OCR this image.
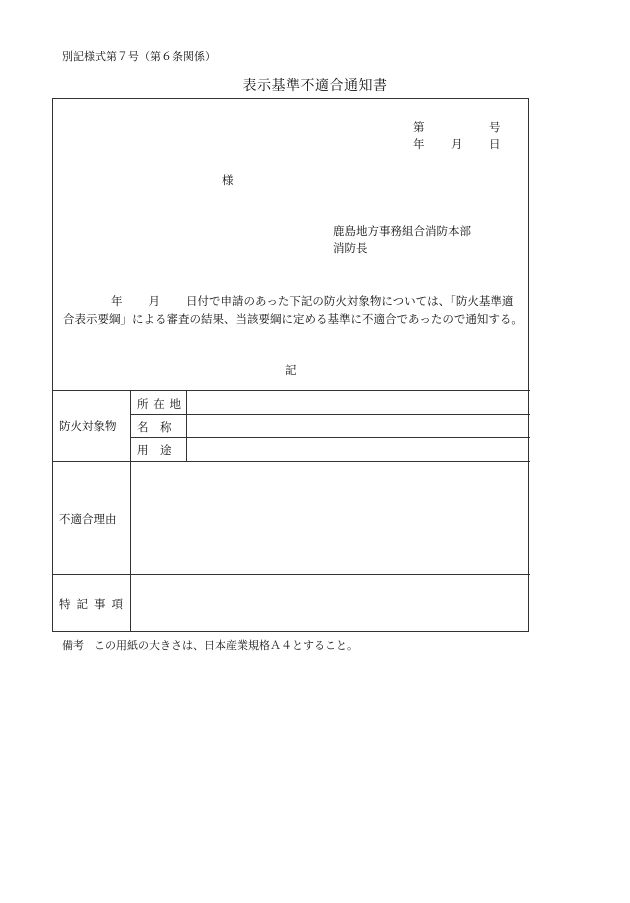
別記様式第７号（第６条関係）
表示基準不適合通知書
第	号
年 月 日
様
鹿島地方事務組合消防本部
消防長
年 月 日付で申請のあった下記の防火対象物については、「防火基準適合表示要綱」による審査の結果、当該要綱に定める基準に不適合であったので通知する。
記
防火対象物
所 在 地
名　称
用　途
不適合理由
特記事項
備考 この用紙の大きさは、日本産業規格Ａ４とすること。
